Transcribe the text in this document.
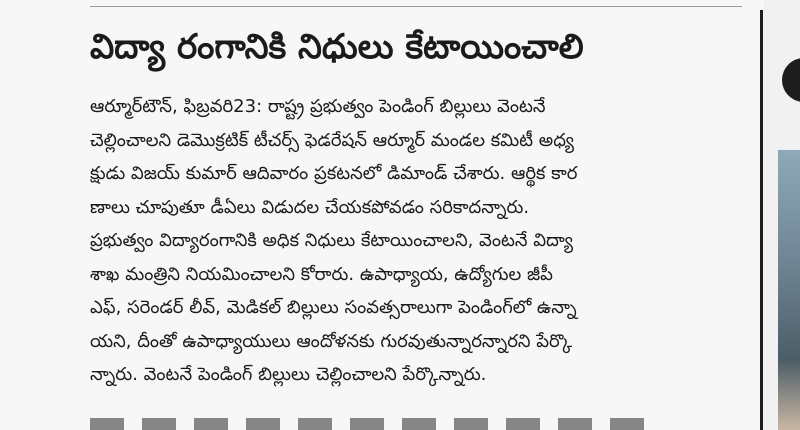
విద్యా రంగానికి నిధులు కేటాయించాలి
ఆర్మూర్‌టౌన్, ఫిబ్రవరి23: రాష్ట్ర ప్రభుత్వం పెండింగ్ బిల్లులు వెంటనే
చెల్లించాలని డెమొక్రటిక్ టీచర్స్ ఫెడరేషన్ ఆర్మూర్ మండల కమిటీ అధ్య
క్షుడు విజయ్ కుమార్ ఆదివారం ప్రకటనలో డిమాండ్ చేశారు. ఆర్థిక కార
ణాలు చూపుతూ డీఏలు విడుదల చేయకపోవడం సరికాదన్నారు.
ప్రభుత్వం విద్యారంగానికి అధిక నిధులు కేటాయించాలని, వెంటనే విద్యా
శాఖ మంత్రిని నియమించాలని కోరారు. ఉపాధ్యాయ, ఉద్యోగుల జీపీ
ఎఫ్, సరెండర్ లీవ్, మెడికల్ బిల్లులు సంవత్సరాలుగా పెండింగ్‌లో ఉన్నా
యని, దీంతో ఉపాధ్యాయులు ఆందోళనకు గురవుతున్నారన్నారని పేర్కొ
న్నారు. వెంటనే పెండింగ్ బిల్లులు చెల్లించాలని పేర్కొన్నారు.
